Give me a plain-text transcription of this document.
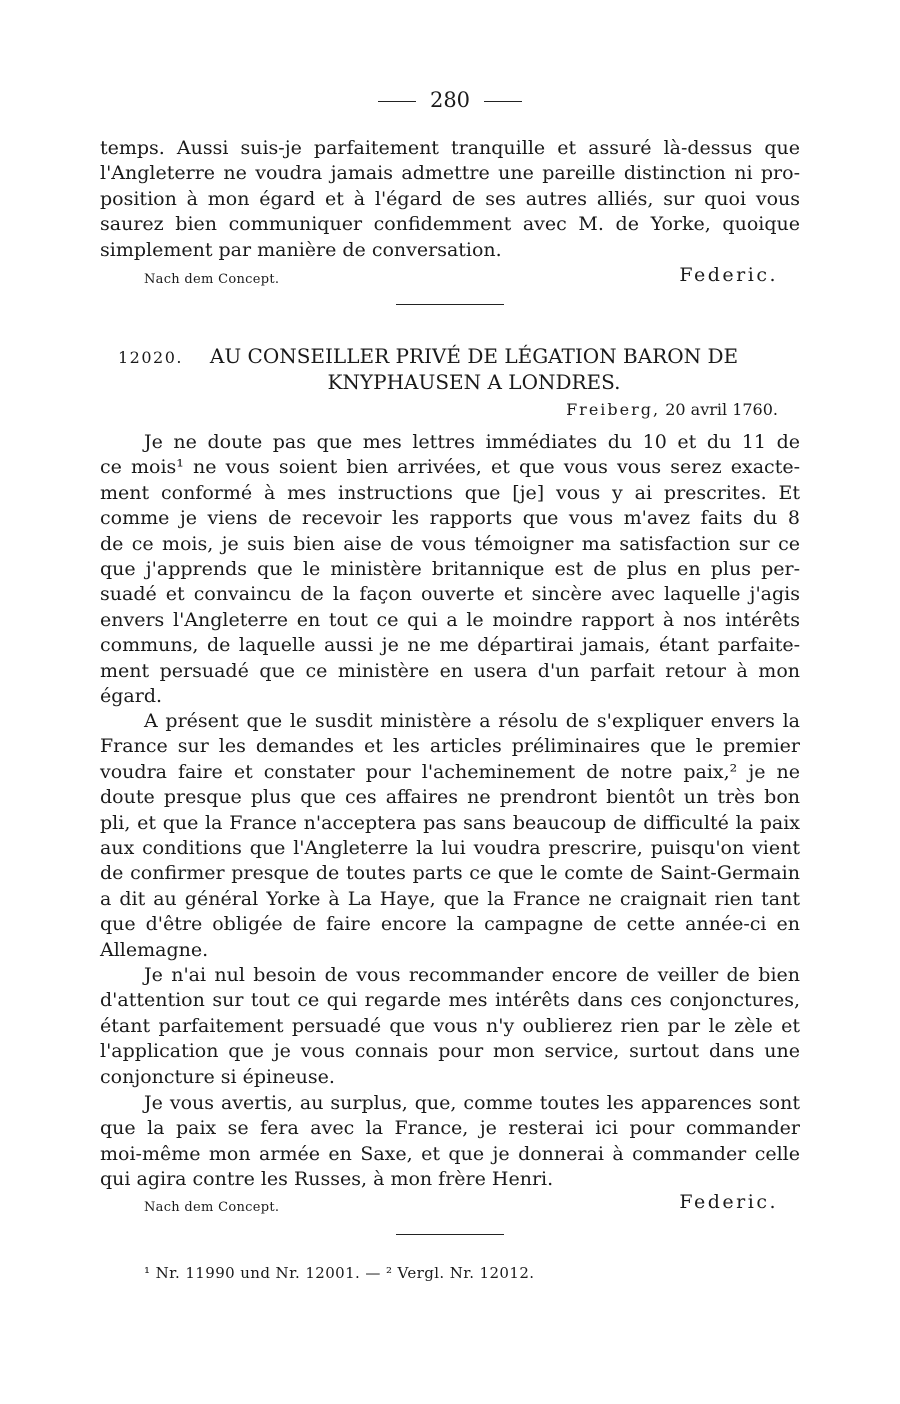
280
temps. Aussi suis-je parfaitement tranquille et assuré là-dessus que
l'Angleterre ne voudra jamais admettre une pareille distinction ni pro-
position à mon égard et à l'égard de ses autres alliés, sur quoi vous
saurez bien communiquer confidemment avec M. de Yorke, quoique
simplement par manière de conversation.
Nach dem Concept.	Federic.
12020.	AU CONSEILLER PRIVÉ DE LÉGATION BARON DE
KNYPHAUSEN A LONDRES.
Freiberg, 20 avril 1760.
Je ne doute pas que mes lettres immédiates du 10 et du 11 de
ce mois¹ ne vous soient bien arrivées, et que vous vous serez exacte-
ment conformé à mes instructions que [je] vous y ai prescrites. Et
comme je viens de recevoir les rapports que vous m'avez faits du 8
de ce mois, je suis bien aise de vous témoigner ma satisfaction sur ce
que j'apprends que le ministère britannique est de plus en plus per-
suadé et convaincu de la façon ouverte et sincère avec laquelle j'agis
envers l'Angleterre en tout ce qui a le moindre rapport à nos intérêts
communs, de laquelle aussi je ne me départirai jamais, étant parfaite-
ment persuadé que ce ministère en usera d'un parfait retour à mon
égard.
A présent que le susdit ministère a résolu de s'expliquer envers la
France sur les demandes et les articles préliminaires que le premier
voudra faire et constater pour l'acheminement de notre paix,² je ne
doute presque plus que ces affaires ne prendront bientôt un très bon
pli, et que la France n'acceptera pas sans beaucoup de difficulté la paix
aux conditions que l'Angleterre la lui voudra prescrire, puisqu'on vient
de confirmer presque de toutes parts ce que le comte de Saint-Germain
a dit au général Yorke à La Haye, que la France ne craignait rien tant
que d'être obligée de faire encore la campagne de cette année-ci en
Allemagne.
Je n'ai nul besoin de vous recommander encore de veiller de bien
d'attention sur tout ce qui regarde mes intérêts dans ces conjonctures,
étant parfaitement persuadé que vous n'y oublierez rien par le zèle et
l'application que je vous connais pour mon service, surtout dans une
conjoncture si épineuse.
Je vous avertis, au surplus, que, comme toutes les apparences sont
que la paix se fera avec la France, je resterai ici pour commander
moi-même mon armée en Saxe, et que je donnerai à commander celle
qui agira contre les Russes, à mon frère Henri.
Nach dem Concept.	Federic.
¹ Nr. 11990 und Nr. 12001. — ² Vergl. Nr. 12012.
